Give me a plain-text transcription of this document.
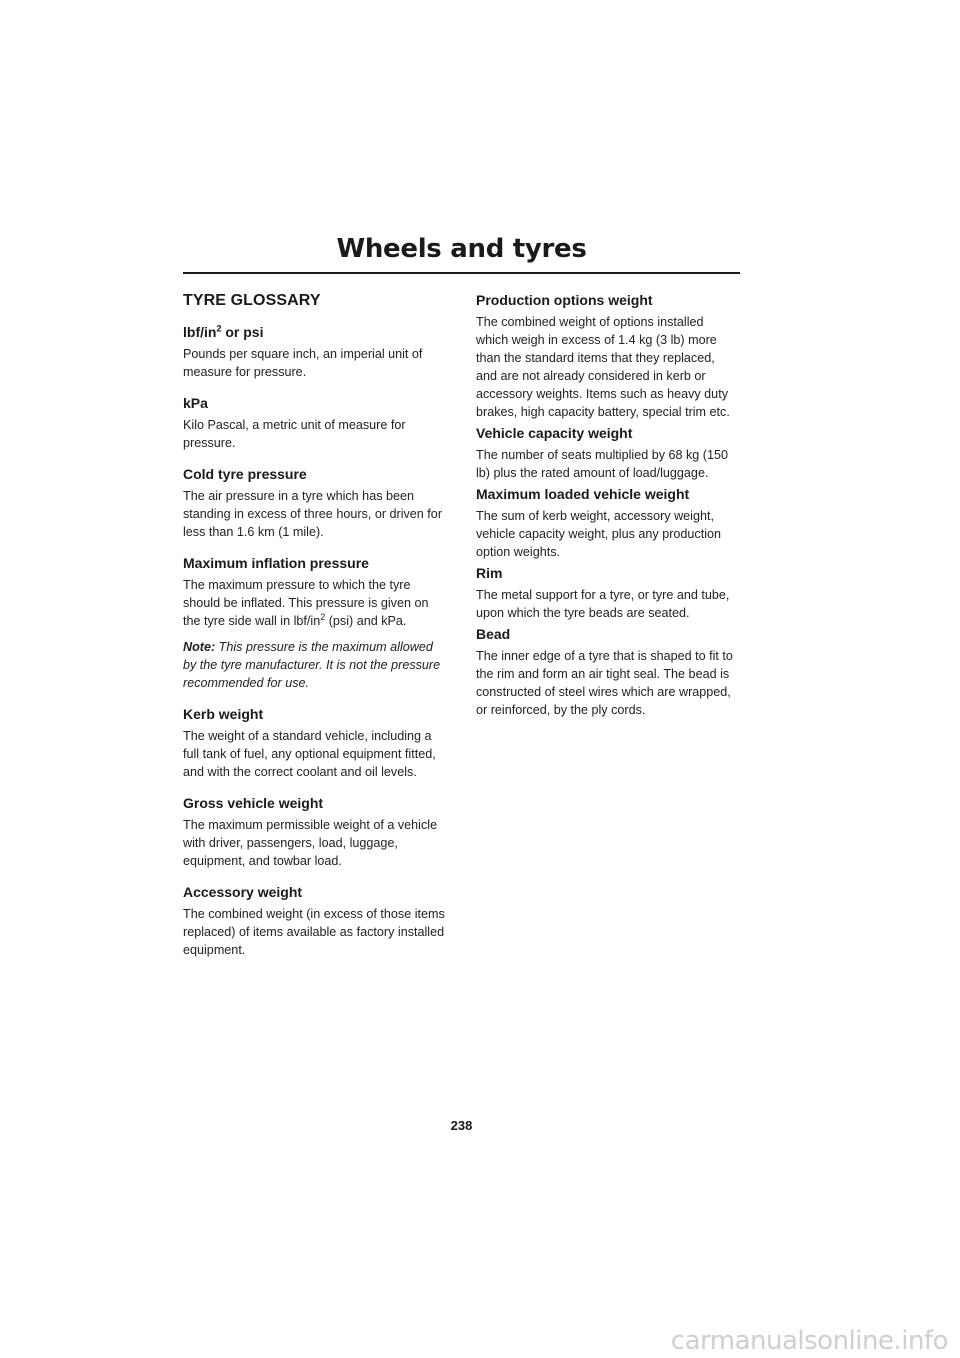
Wheels and tyres
TYRE GLOSSARY
lbf/$in^2$ or psi

Pounds per square inch, an imperial unit of measure for pressure.

kPa

Kilo Pascal, a metric unit of measure for pressure.

Cold tyre pressure

The air pressure in a tyre which has been standing in excess of three hours, or driven for less than 1.6 km (1 mile).

Maximum inflation pressure

The maximum pressure to which the tyre should be inflated. This pressure is given on the tyre side wall in lbf/$in^2$ (psi) and kPa.

Note: This pressure is the maximum allowed by the tyre manufacturer. It is not the pressure recommended for use.

Kerb weight

The weight of a standard vehicle, including a full tank of fuel, any optional equipment fitted, and with the correct coolant and oil levels.

Gross vehicle weight

The maximum permissible weight of a vehicle with driver, passengers, load, luggage, equipment, and towbar load.

Accessory weight

The combined weight (in excess of those items replaced) of items available as factory installed equipment.

Production options weight

The combined weight of options installed which weigh in excess of 1.4 kg (3 lb) more than the standard items that they replaced, and are not already considered in kerb or accessory weights. Items such as heavy duty brakes, high capacity battery, special trim etc.

Vehicle capacity weight

The number of seats multiplied by 68 kg (150 lb) plus the rated amount of load/luggage.

Maximum loaded vehicle weight

The sum of kerb weight, accessory weight, vehicle capacity weight, plus any production option weights.

Rim

The metal support for a tyre, or tyre and tube, upon which the tyre beads are seated.

Bead

The inner edge of a tyre that is shaped to fit to the rim and form an air tight seal. The bead is constructed of steel wires which are wrapped, or reinforced, by the ply cords.

238
carmanualsonline.info
